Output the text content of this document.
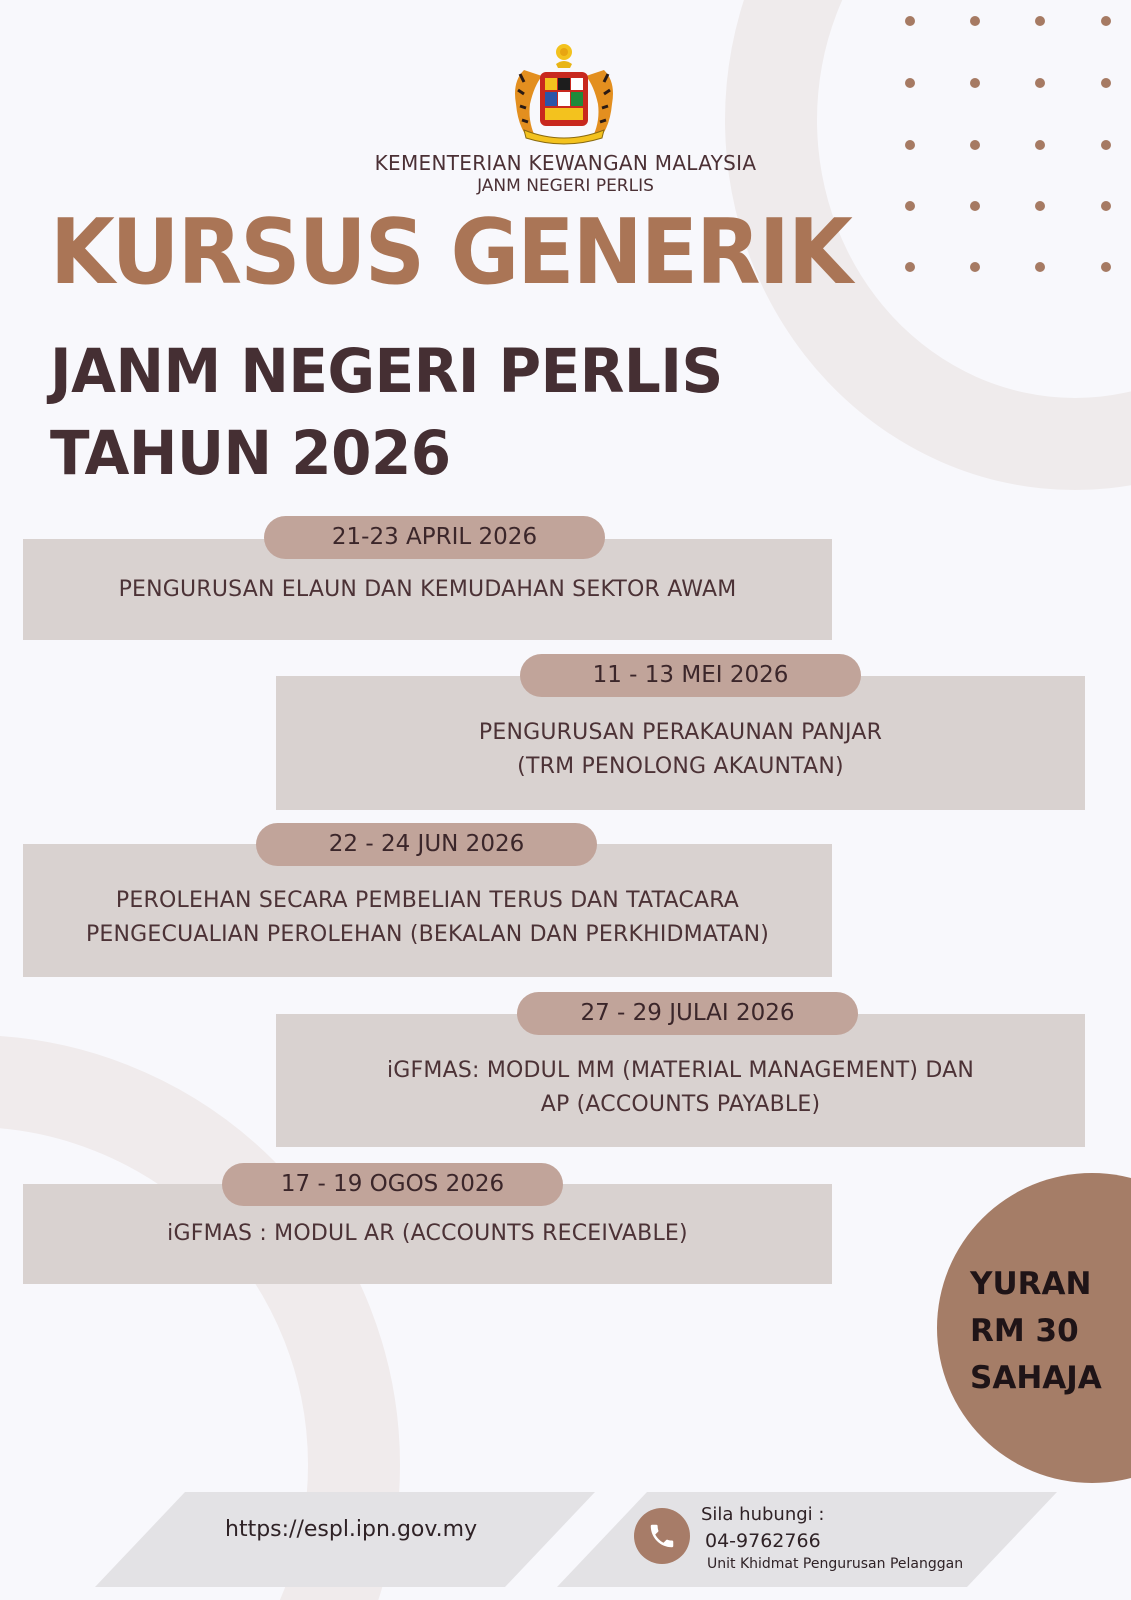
KEMENTERIAN KEWANGAN MALAYSIA
JANM NEGERI PERLIS
KURSUS GENERIK
JANM NEGERI PERLIS
TAHUN 2026
PENGURUSAN ELAUN DAN KEMUDAHAN SEKTOR AWAM
21-23 APRIL 2026
PENGURUSAN PERAKAUNAN PANJAR
(TRM PENOLONG AKAUNTAN)
11 - 13 MEI 2026
PEROLEHAN SECARA PEMBELIAN TERUS DAN TATACARA
PENGECUALIAN PEROLEHAN (BEKALAN DAN PERKHIDMATAN)
22 - 24 JUN 2026
iGFMAS: MODUL MM (MATERIAL MANAGEMENT) DAN
AP (ACCOUNTS PAYABLE)
27 - 29 JULAI 2026
iGFMAS : MODUL AR (ACCOUNTS RECEIVABLE)
17 - 19 OGOS 2026
YURAN
RM 30
SAHAJA
https://espl.ipn.gov.my
Sila hubungi :
04-9762766
Unit Khidmat Pengurusan Pelanggan
